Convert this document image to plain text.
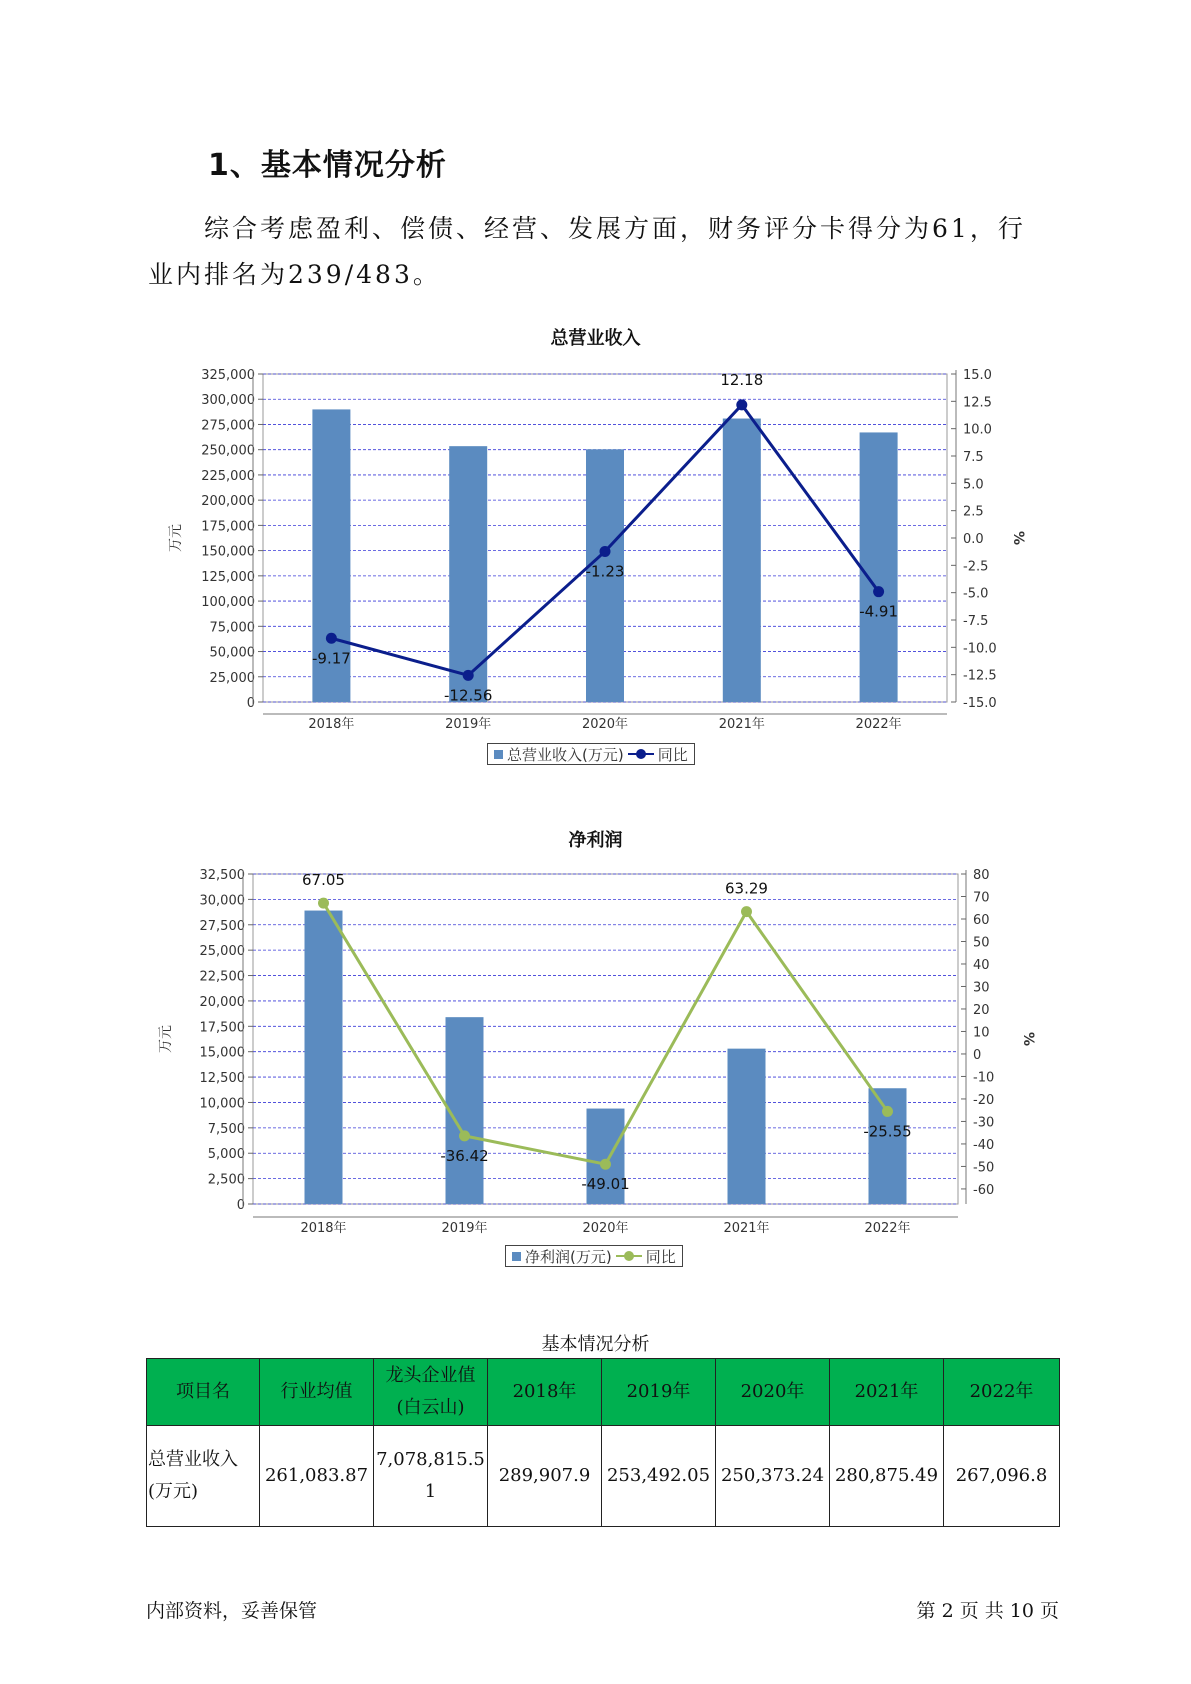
1、基本情况分析
综合考虑盈利、偿债、经营、发展方面，财务评分卡得分为61，行业内排名为239/483。
总营业收入
0
25,000
50,000
75,000
100,000
125,000
150,000
175,000
200,000
225,000
250,000
275,000
300,000
325,000
-15.0
-12.5
-10.0
-7.5
-5.0
-2.5
0.0
2.5
5.0
7.5
10.0
12.5
15.0
万元	%
2018年	2019年	2020年	2021年	2022年
-9.17
-12.56
-1.23
12.18
-4.91
总营业收入(万元) 同比
净利润
0
2,500
5,000
7,500
10,000
12,500
15,000
17,500
20,000
22,500
25,000
27,500
30,000
32,500
-60
-50
-40
-30
-20
-10
0
10
20
30
40
50
60
70
80
万元	%
2018年	2019年	2020年	2021年	2022年
67.05
-36.42
-49.01
63.29
-25.55
净利润(万元) 同比
基本情况分析
项目名	行业均值	龙头企业值(白云山)	2018年	2019年	2020年	2021年	2022年
总营业收入(万元)	261,083.87	7,078,815.51	289,907.9	253,492.05	250,373.24	280,875.49	267,096.8
内部资料，妥善保管	第 2 页 共 10 页
